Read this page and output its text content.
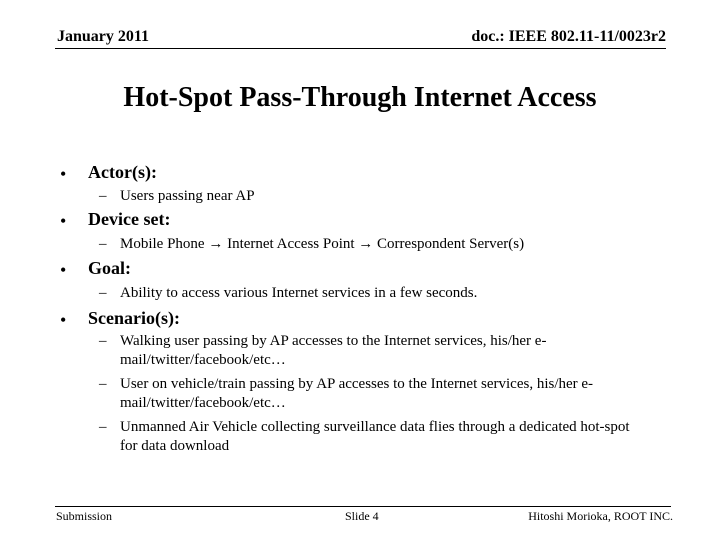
January 2011	doc.: IEEE 802.11-11/0023r2
Hot-Spot Pass-Through Internet Access
• Actor(s):
– Users passing near AP
• Device set:
– Mobile Phone → Internet Access Point → Correspondent Server(s)
• Goal:
– Ability to access various Internet services in a few seconds.
• Scenario(s):
– Walking user passing by AP accesses to the Internet services, his/her e-mail/twitter/facebook/etc…
– User on vehicle/train passing by AP accesses to the Internet services, his/her e-mail/twitter/facebook/etc…
– Unmanned Air Vehicle collecting surveillance data flies through a dedicated hot-spot for data download
Submission	Slide 4	Hitoshi Morioka, ROOT INC.
